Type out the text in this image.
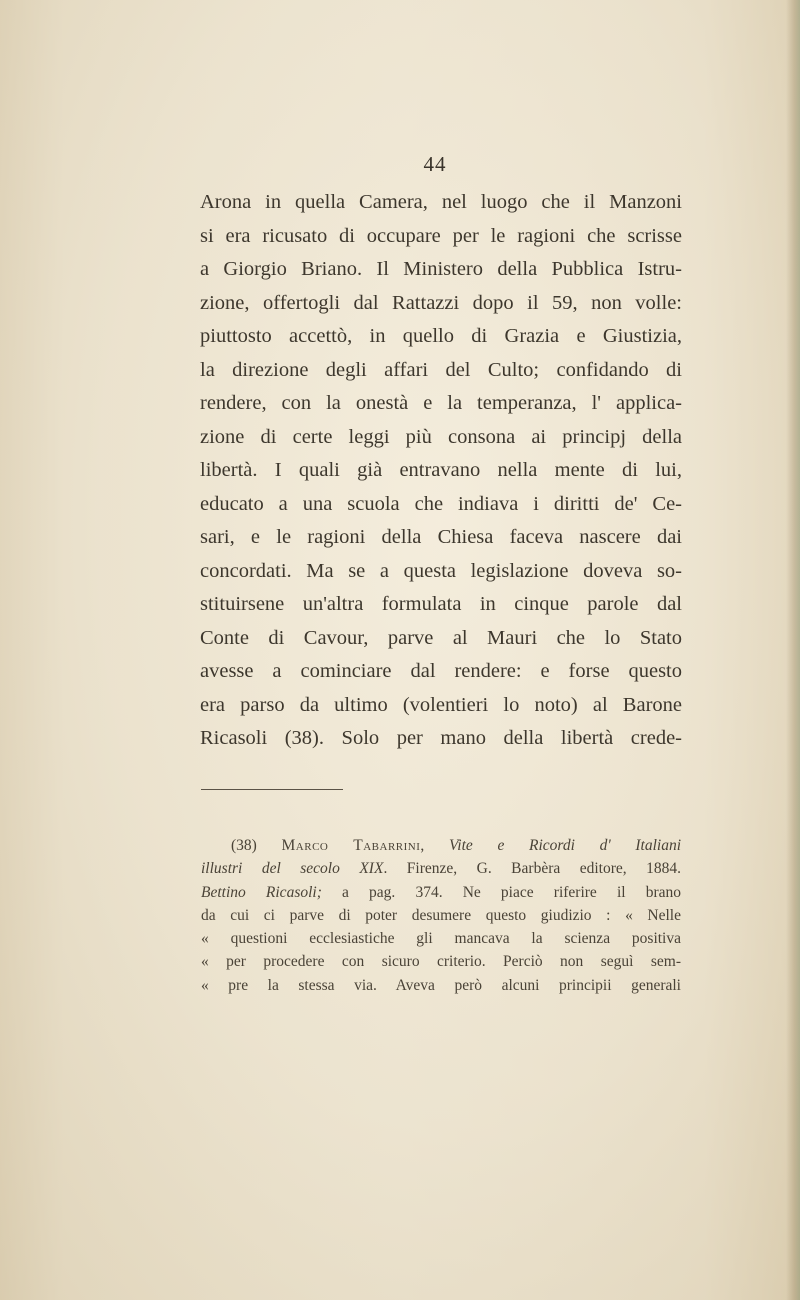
44
Arona in quella Camera, nel luogo che il Manzoni
si era ricusato di occupare per le ragioni che scrisse
a Giorgio Briano. Il Ministero della Pubblica Istru-
zione, offertogli dal Rattazzi dopo il 59, non volle:
piuttosto accettò, in quello di Grazia e Giustizia,
la direzione degli affari del Culto; confidando di
rendere, con la onestà e la temperanza, l' applica-
zione di certe leggi più consona ai principj della
libertà. I quali già entravano nella mente di lui,
educato a una scuola che indiava i diritti de' Ce-
sari, e le ragioni della Chiesa faceva nascere dai
concordati. Ma se a questa legislazione doveva so-
stituirsene un'altra formulata in cinque parole dal
Conte di Cavour, parve al Mauri che lo Stato
avesse a cominciare dal rendere: e forse questo
era parso da ultimo (volentieri lo noto) al Barone
Ricasoli (38). Solo per mano della libertà crede-
(38) Marco Tabarrini, Vite e Ricordi d' Italiani
illustri del secolo XIX. Firenze, G. Barbèra editore, 1884.
Bettino Ricasoli; a pag. 374. Ne piace riferire il brano
da cui ci parve di poter desumere questo giudizio : « Nelle
« questioni ecclesiastiche gli mancava la scienza positiva
« per procedere con sicuro criterio. Perciò non seguì sem-
« pre la stessa via. Aveva però alcuni principii generali
